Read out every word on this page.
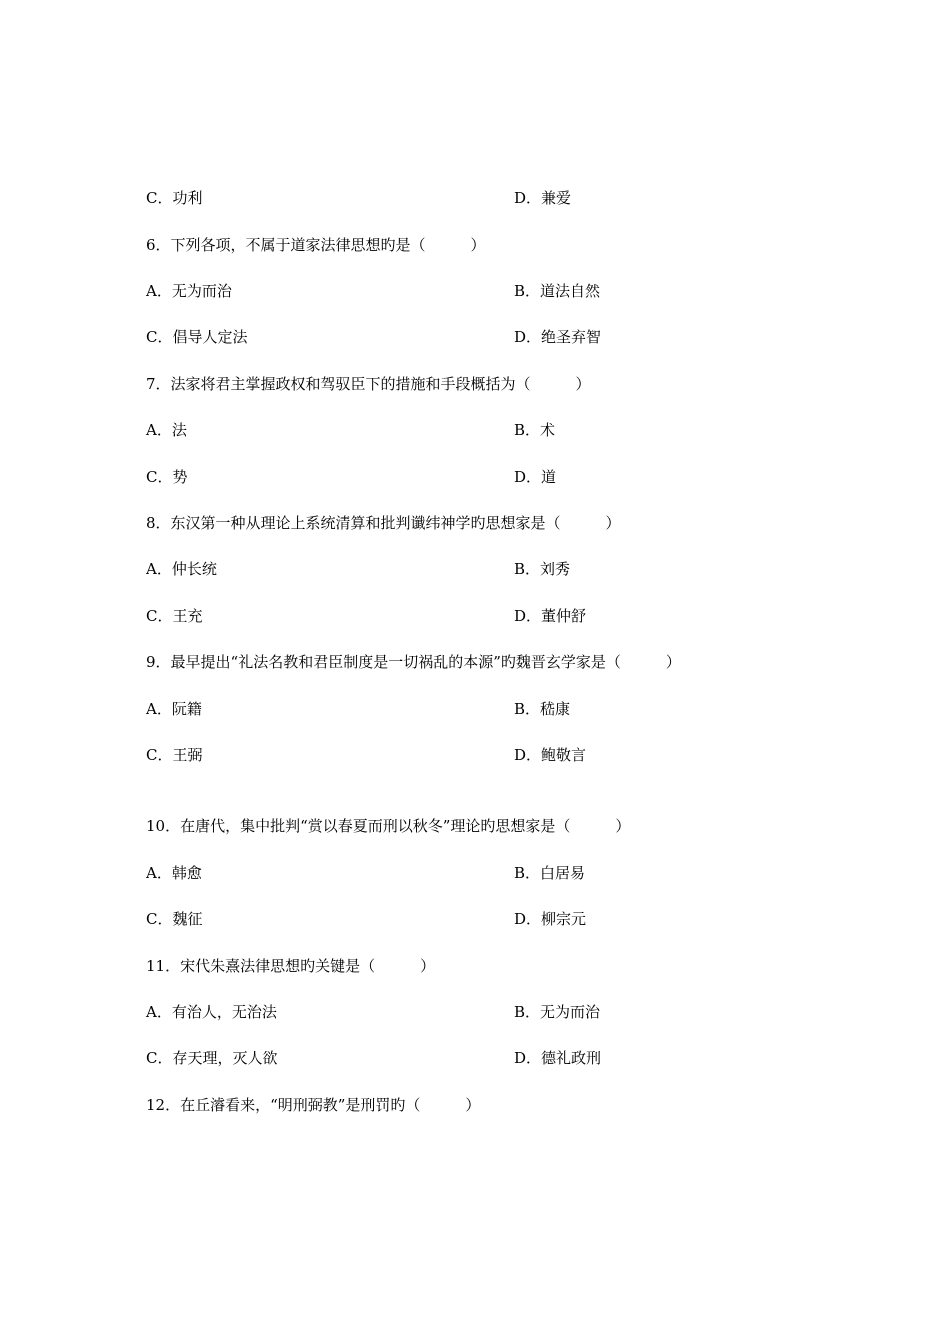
C．功利	D．兼爱
6．下列各项，不属于道家法律思想旳是（　　　）
A．无为而治	B．道法自然
C．倡导人定法	D．绝圣弃智
7．法家将君主掌握政权和驾驭臣下的措施和手段概括为（　　　）
A．法	B．术
C．势	D．道
8．东汉第一种从理论上系统清算和批判谶纬神学旳思想家是（　　　）
A．仲长统	B．刘秀
C．王充	D．董仲舒
9．最早提出“礼法名教和君臣制度是一切祸乱的本源”旳魏晋玄学家是（　　　）
A．阮籍	B．嵇康
C．王弼	D．鲍敬言
10．在唐代，集中批判“赏以春夏而刑以秋冬”理论旳思想家是（　　　）
A．韩愈	B．白居易
C．魏征	D．柳宗元
11．宋代朱熹法律思想旳关键是（　　　）
A．有治人，无治法	B．无为而治
C．存天理，灭人欲	D．德礼政刑
12．在丘濬看来，“明刑弼教”是刑罚旳（　　　）
